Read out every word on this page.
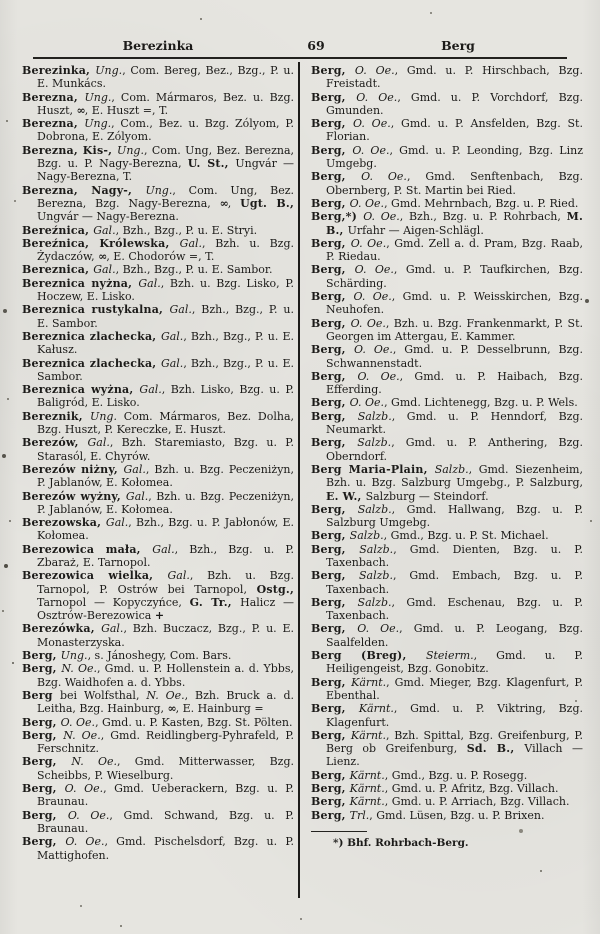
Berezinka	69	Berg

Berezinka, Ung., Com. Bereg, Bez., Bzg., P. u. E. Munkács.

Berezna, Ung., Com. Mármaros, Bez. u. Bzg. Huszt, ∞, E. Huszt =, T.

Berezna, Ung., Com., Bez. u. Bzg. Zólyom, P. Dobrona, E. Zólyom.

Berezna, Kis-, Ung., Com. Ung, Bez. Berezna, Bzg. u. P. Nagy-Berezna, U. St., Ungvár — Nagy-Berezna, T.

Berezna, Nagy-, Ung., Com. Ung, Bez. Berezna, Bzg. Nagy-Berezna, ∞, Ugt. B., Ungvár — Nagy-Berezna.

Bereźnica, Gal., Bzh., Bzg., P. u. E. Stryi.

Bereźnica, Królewska, Gal., Bzh. u. Bzg. Żydaczów, ∞, E. Chodorów =, T.

Bereznica, Gal., Bzh., Bzg., P. u. E. Sambor.

Bereznica nyżna, Gal., Bzh. u. Bzg. Lisko, P. Hoczew, E. Lisko.

Bereznica rustykalna, Gal., Bzh., Bzg., P. u. E. Sambor.

Bereznica zlachecka, Gal., Bzh., Bzg., P. u. E. Kałusz.

Bereznica zlachecka, Gal., Bzh., Bzg., P. u. E. Sambor.

Bereznica wyżna, Gal., Bzh. Lisko, Bzg. u. P. Baligród, E. Lisko.

Bereznik, Ung. Com. Mármaros, Bez. Dolha, Bzg. Huszt, P. Kereczke, E. Huszt.

Berezów, Gal., Bzh. Staremiasto, Bzg. u. P. Starasól, E. Chyrów.

Berezów niżny, Gal., Bzh. u. Bzg. Peczeniżyn, P. Jablanów, E. Kołomea.

Berezów wyżny, Gal., Bzh. u. Bzg. Peczeniżyn, P. Jablanów, E. Kołomea.

Berezowska, Gal., Bzh., Bzg. u. P. Jabłonów, E. Kołomea.

Berezowica mała, Gal., Bzh., Bzg. u. P. Zbaraż, E. Tarnopol.

Berezowica wielka, Gal., Bzh. u. Bzg. Tarnopol, P. Ostrów bei Tarnopol, Ostg., Tarnopol — Kopyczyńce, G. Tr., Halicz — Osztrów-Berezowica +

Berezówka, Gal., Bzh. Buczacz, Bzg., P. u. E. Monasterzyska.

Berg, Ung., s. Jánoshegy, Com. Bars.

Berg, N. Oe., Gmd. u. P. Hollenstein a. d. Ybbs, Bzg. Waidhofen a. d. Ybbs.

Berg bei Wolfsthal, N. Oe., Bzh. Bruck a. d. Leitha, Bzg. Hainburg, ∞, E. Hainburg =

Berg, O. Oe., Gmd. u. P. Kasten, Bzg. St. Pölten.

Berg, N. Oe., Gmd. Reidlingberg-Pyhrafeld, P. Ferschnitz.

Berg, N. Oe., Gmd. Mitterwasser, Bzg. Scheibbs, P. Wieselburg.

Berg, O. Oe., Gmd. Ueberackern, Bzg. u. P. Braunau.

Berg, O. Oe., Gmd. Schwand, Bzg. u. P. Braunau.

Berg, O. Oe., Gmd. Pischelsdorf, Bzg. u. P. Mattighofen.

Berg, O. Oe., Gmd. u. P. Hirschbach, Bzg. Freistadt.

Berg, O. Oe., Gmd. u. P. Vorchdorf, Bzg. Gmunden.

Berg, O. Oe., Gmd. u. P. Ansfelden, Bzg. St. Florian.

Berg, O. Oe., Gmd. u. P. Leonding, Bzg. Linz Umgebg.

Berg, O. Oe., Gmd. Senftenbach, Bzg. Obernberg, P. St. Martin bei Ried.

Berg, O. Oe., Gmd. Mehrnbach, Bzg. u. P. Ried.

Berg,*) O. Oe., Bzh., Bzg. u. P. Rohrbach, M. B., Urfahr — Aigen-Schlägl.

Berg, O. Oe., Gmd. Zell a. d. Pram, Bzg. Raab, P. Riedau.

Berg, O. Oe., Gmd. u. P. Taufkirchen, Bzg. Schärding.

Berg, O. Oe., Gmd. u. P. Weisskirchen, Bzg. Neuhofen.

Berg, O. Oe., Bzh. u. Bzg. Frankenmarkt, P. St. Georgen im Attergau, E. Kammer.

Berg, O. Oe., Gmd. u. P. Desselbrunn, Bzg. Schwannenstadt.

Berg, O. Oe., Gmd. u. P. Haibach, Bzg. Efferding.

Berg, O. Oe., Gmd. Lichtenegg, Bzg. u. P. Wels.

Berg, Salzb., Gmd. u. P. Henndorf, Bzg. Neumarkt.

Berg, Salzb., Gmd. u. P. Anthering, Bzg. Oberndorf.

Berg Maria-Plain, Salzb., Gmd. Siezenheim, Bzh. u. Bzg. Salzburg Umgebg., P. Salzburg, E. W., Salzburg — Steindorf.

Berg, Salzb., Gmd. Hallwang, Bzg. u. P. Salzburg Umgebg.

Berg, Salzb., Gmd., Bzg. u. P. St. Michael.

Berg, Salzb., Gmd. Dienten, Bzg. u. P. Taxenbach.

Berg, Salzb., Gmd. Embach, Bzg. u. P. Taxenbach.

Berg, Salzb., Gmd. Eschenau, Bzg. u. P. Taxenbach.

Berg, O. Oe., Gmd. u. P. Leogang, Bzg. Saalfelden.

Berg (Breg), Steierm., Gmd. u. P. Heiligengeist, Bzg. Gonobitz.

Berg, Kärnt., Gmd. Mieger, Bzg. Klagenfurt, P. Ebenthal.

Berg, Kärnt., Gmd. u. P. Viktring, Bzg. Klagenfurt.

Berg, Kärnt., Bzh. Spittal, Bzg. Greifenburg, P. Berg ob Greifenburg, Sd. B., Villach — Lienz.

Berg, Kärnt., Gmd., Bzg. u. P. Rosegg.

Berg, Kärnt., Gmd. u. P. Afritz, Bzg. Villach.

Berg, Kärnt., Gmd. u. P. Arriach, Bzg. Villach.

Berg, Trl., Gmd. Lüsen, Bzg. u. P. Brixen.

*) Bhf. Rohrbach-Berg.
